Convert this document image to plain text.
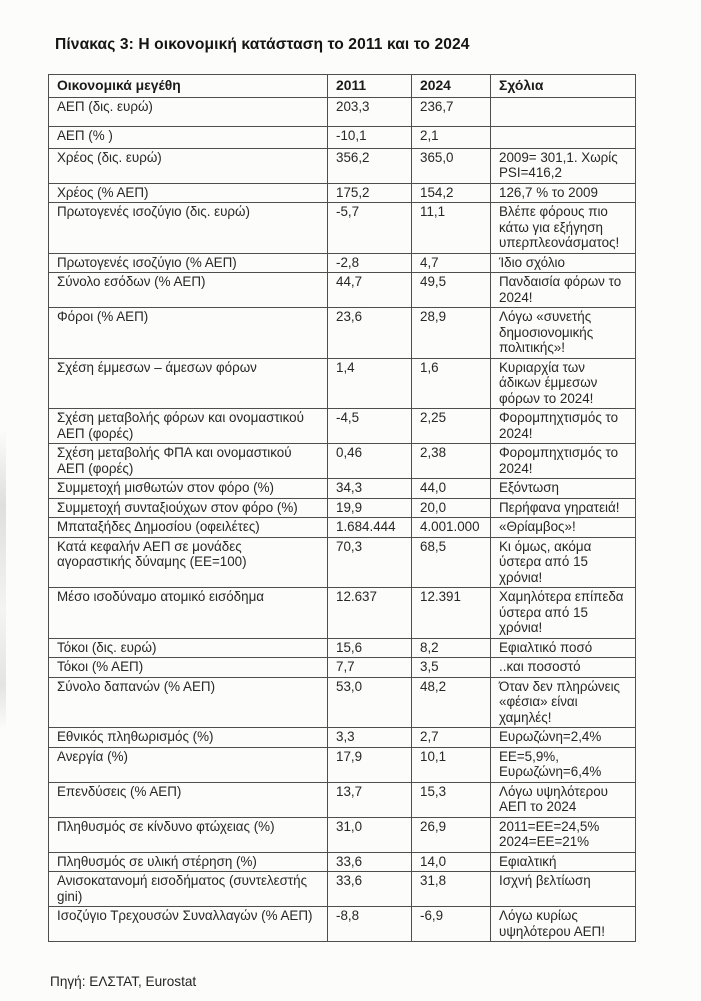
Πίνακας 3: Η οικονομική κατάσταση το 2011 και το 2024
Οικονομικά μεγέθη	2011	2024	Σχόλια
ΑΕΠ (δις. ευρώ)	203,3	236,7	
ΑΕΠ (% )	-10,1	2,1	
Χρέος (δις. ευρώ)	356,2	365,0	2009= 301,1. Χωρίς PSI=416,2
Χρέος (% ΑΕΠ)	175,2	154,2	126,7 % το 2009
Πρωτογενές ισοζύγιο (δις. ευρώ)	-5,7	11,1	Βλέπε φόρους πιο κάτω για εξήγηση υπερπλεονάσματος!
Πρωτογενές ισοζύγιο (% ΑΕΠ)	-2,8	4,7	Ίδιο σχόλιο
Σύνολο εσόδων (% ΑΕΠ)	44,7	49,5	Πανδαισία φόρων το 2024!
Φόροι (% ΑΕΠ)	23,6	28,9	Λόγω «συνετής δημοσιονομικής πολιτικής»!
Σχέση έμμεσων – άμεσων φόρων	1,4	1,6	Κυριαρχία των άδικων έμμεσων φόρων το 2024!
Σχέση μεταβολής φόρων και ονομαστικού ΑΕΠ (φορές)	-4,5	2,25	Φορομπηχτισμός το 2024!
Σχέση μεταβολής ΦΠΑ και ονομαστικού ΑΕΠ (φορές)	0,46	2,38	Φορομπηχτισμός το 2024!
Συμμετοχή μισθωτών στον φόρο (%)	34,3	44,0	Εξόντωση
Συμμετοχή συνταξιούχων στον φόρο (%)	19,9	20,0	Περήφανα γηρατειά!
Μπαταξήδες Δημοσίου (οφειλέτες)	1.684.444	4.001.000	«Θρίαμβος»!
Κατά κεφαλήν ΑΕΠ σε μονάδες αγοραστικής δύναμης (ΕΕ=100)	70,3	68,5	Κι όμως, ακόμα ύστερα από 15 χρόνια!
Μέσο ισοδύναμο ατομικό εισόδημα	12.637	12.391	Χαμηλότερα επίπεδα ύστερα από 15 χρόνια!
Τόκοι (δις. ευρώ)	15,6	8,2	Εφιαλτικό ποσό
Τόκοι (% ΑΕΠ)	7,7	3,5	..και ποσοστό
Σύνολο δαπανών (% ΑΕΠ)	53,0	48,2	Όταν δεν πληρώνεις «φέσια» είναι χαμηλές!
Εθνικός πληθωρισμός (%)	3,3	2,7	Ευρωζώνη=2,4%
Ανεργία (%)	17,9	10,1	ΕΕ=5,9%, Ευρωζώνη=6,4%
Επενδύσεις (% ΑΕΠ)	13,7	15,3	Λόγω υψηλότερου ΑΕΠ το 2024
Πληθυσμός σε κίνδυνο φτώχειας (%)	31,0	26,9	2011=ΕΕ=24,5% 2024=ΕΕ=21%
Πληθυσμός σε υλική στέρηση (%)	33,6	14,0	Εφιαλτική
Ανισοκατανομή εισοδήματος (συντελεστής gini)	33,6	31,8	Ισχνή βελτίωση
Ισοζύγιο Τρεχουσών Συναλλαγών (% ΑΕΠ)	-8,8	-6,9	Λόγω κυρίως υψηλότερου ΑΕΠ!

Πηγή: ΕΛΣΤΑΤ, Eurostat
